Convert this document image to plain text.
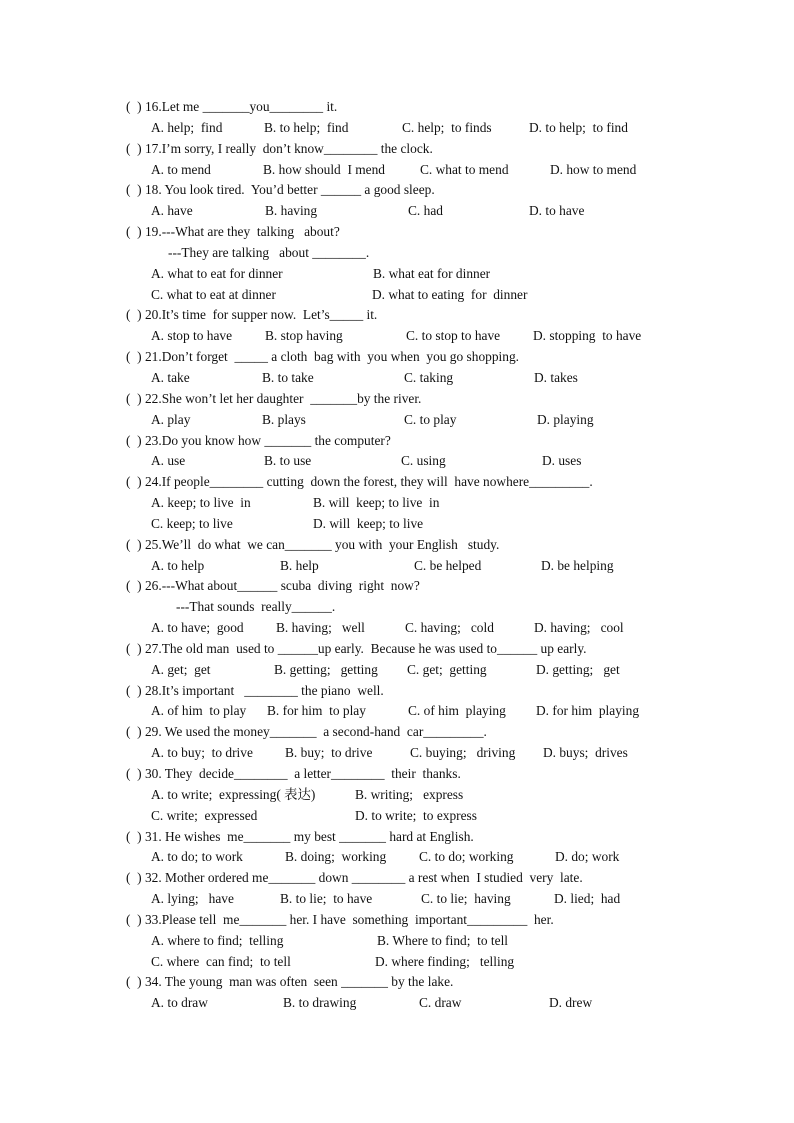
(  ) 16.Let me _______you________ it.
A. help;  find	B. to help;  find	C. help;  to finds	D. to help;  to find
(  ) 17.I’m sorry, I really  don’t know________ the clock.
A. to mend	B. how should  I mend	C. what to mend	D. how to mend
(  ) 18. You look tired.  You’d better ______ a good sleep.
A. have	B. having	C. had	D. to have
(  ) 19.---What are they  talking   about?
---They are talking   about ________.
A. what to eat for dinner	B. what eat for dinner
C. what to eat at dinner	D. what to eating  for  dinner
(  ) 20.It’s time  for supper now.  Let’s_____ it.
A. stop to have B. stop having	C. to stop to have D. stopping  to have
(  ) 21.Don’t forget  _____ a cloth  bag with  you when  you go shopping.
A. take	B. to take	C. taking	D. takes
(  ) 22.She won’t let her daughter  _______by the river.
A. play	B. plays	C. to play	D. playing
(  ) 23.Do you know how _______ the computer?
A. use	B. to use	C. using	D. uses
(  ) 24.If people________ cutting  down the forest, they will  have nowhere_________.
A. keep; to live  in	B. will  keep; to live  in
C. keep; to live	D. will  keep; to live
(  ) 25.We’ll  do what  we can_______ you with  your English   study.
A. to help	B. help	C. be helped	D. be helping
(  ) 26.---What about______ scuba  diving  right  now?
---That sounds  really______.
A. to have;  good B. having;   well	C. having;   cold	D. having;   cool
(  ) 27.The old man  used to ______up early.  Because he was used to______ up early.
A. get;  get	B. getting;   getting C. get;  getting	D. getting;   get
(  ) 28.It’s important   ________ the piano  well.
A. of him  to play B. for him  to play	C. of him  playing D. for him  playing
(  ) 29. We used the money_______  a second-hand  car_________.
A. to buy;  to drive B. buy;  to drive	C. buying;   driving D. buys;  drives
(  ) 30. They  decide________  a letter________  their  thanks.
A. to write;  expressing( 表达)	B. writing;   express
C. write;  expressed	D. to write;  to express
(  ) 31. He wishes  me_______ my best _______ hard at English.
A. to do; to work	B. doing;  working C. to do; working	D. do; work
(  ) 32. Mother ordered me_______ down ________ a rest when  I studied  very  late.
A. lying;   have	B. to lie;  to have	C. to lie;  having	D. lied;  had
(  ) 33.Please tell  me_______ her. I have  something  important_________  her.
A. where to find;  telling	B. Where to find;  to tell
C. where  can find;  to tell	D. where finding;   telling
(  ) 34. The young  man was often  seen _______ by the lake.
A. to draw	B. to drawing	C. draw	D. drew
